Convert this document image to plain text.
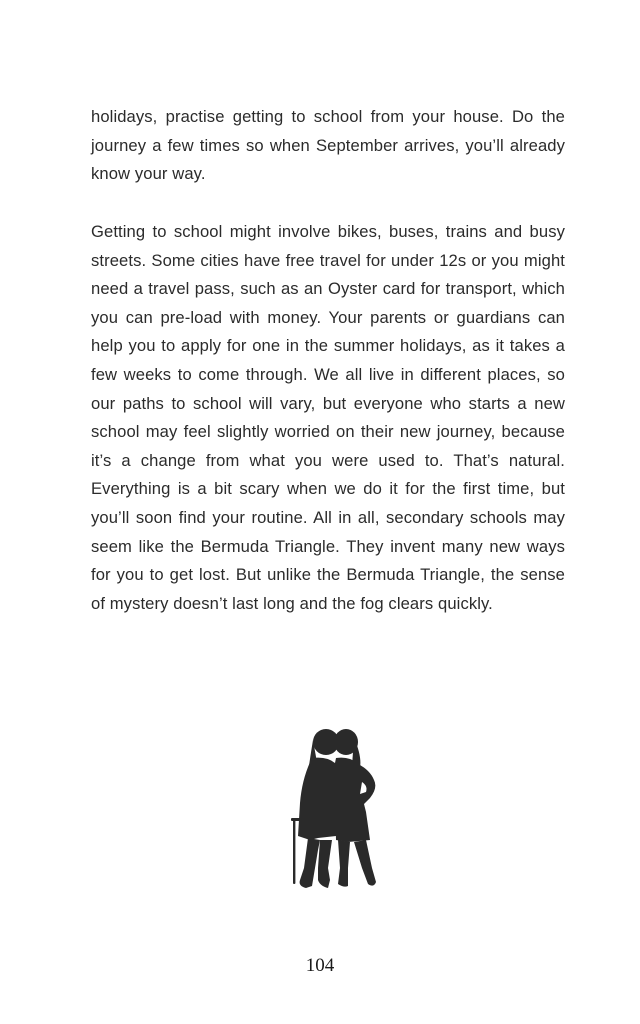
holidays, practise getting to school from your house. Do the journey a few times so when September arrives, you’ll already know your way.

Getting to school might involve bikes, buses, trains and busy streets. Some cities have free travel for under 12s or you might need a travel pass, such as an Oyster card for transport, which you can pre-load with money. Your parents or guardians can help you to apply for one in the summer holidays, as it takes a few weeks to come through. We all live in different places, so our paths to school will vary, but everyone who starts a new school may feel slightly worried on their new journey, because it’s a change from what you were used to. That’s natural. Everything is a bit scary when we do it for the first time, but you’ll soon find your routine. All in all, secondary schools may seem like the Bermuda Triangle. They invent many new ways for you to get lost. But unlike the Bermuda Triangle, the sense of mystery doesn’t last long and the fog clears quickly.

104
